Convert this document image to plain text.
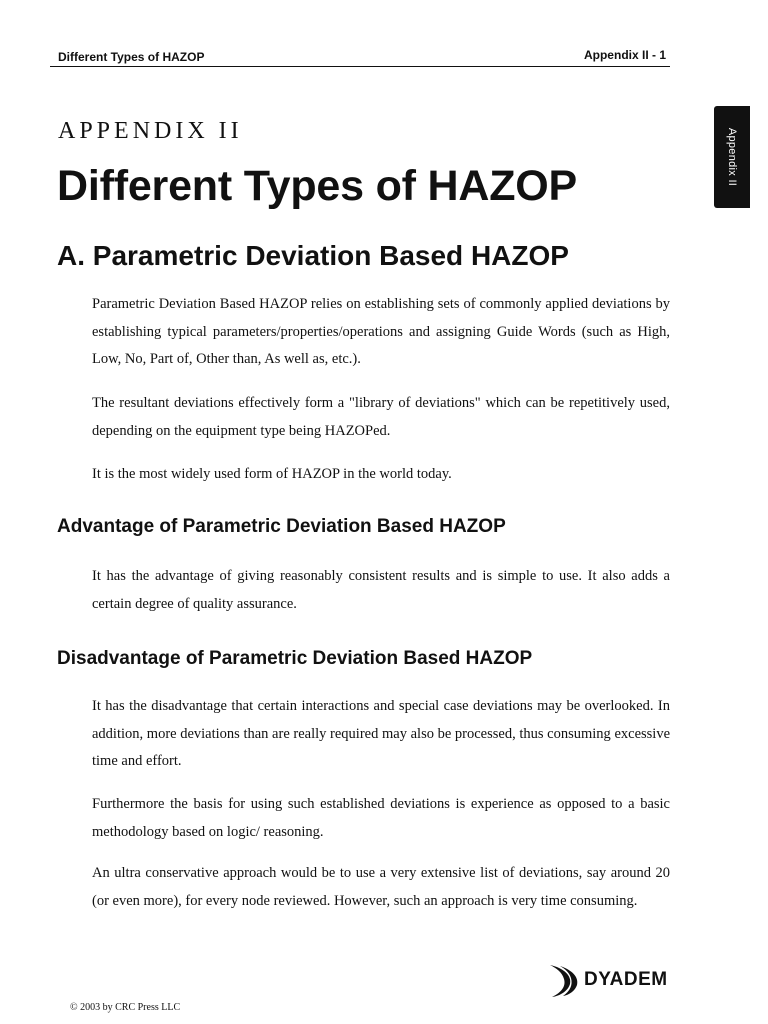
Different Types of HAZOP	Appendix II - 1
Appendix II
APPENDIX II
Different Types of HAZOP
A. Parametric Deviation Based HAZOP

Parametric Deviation Based HAZOP relies on establishing sets of commonly applied deviations by establishing typical parameters/properties/operations and assigning Guide Words (such as High, Low, No, Part of, Other than, As well as, etc.).

The resultant deviations effectively form a "library of deviations" which can be repetitively used, depending on the equipment type being HAZOPed.

It is the most widely used form of HAZOP in the world today.

Advantage of Parametric Deviation Based HAZOP

It has the advantage of giving reasonably consistent results and is simple to use. It also adds a certain degree of quality assurance.

Disadvantage of Parametric Deviation Based HAZOP

It has the disadvantage that certain interactions and special case deviations may be overlooked. In addition, more deviations than are really required may also be processed, thus consuming excessive time and effort.

Furthermore the basis for using such established deviations is experience as opposed to a basic methodology based on logic/ reasoning.

An ultra conservative approach would be to use a very extensive list of deviations, say around 20 (or even more), for every node reviewed. However, such an approach is very time consuming.

DYADEM
© 2003 by CRC Press LLC
